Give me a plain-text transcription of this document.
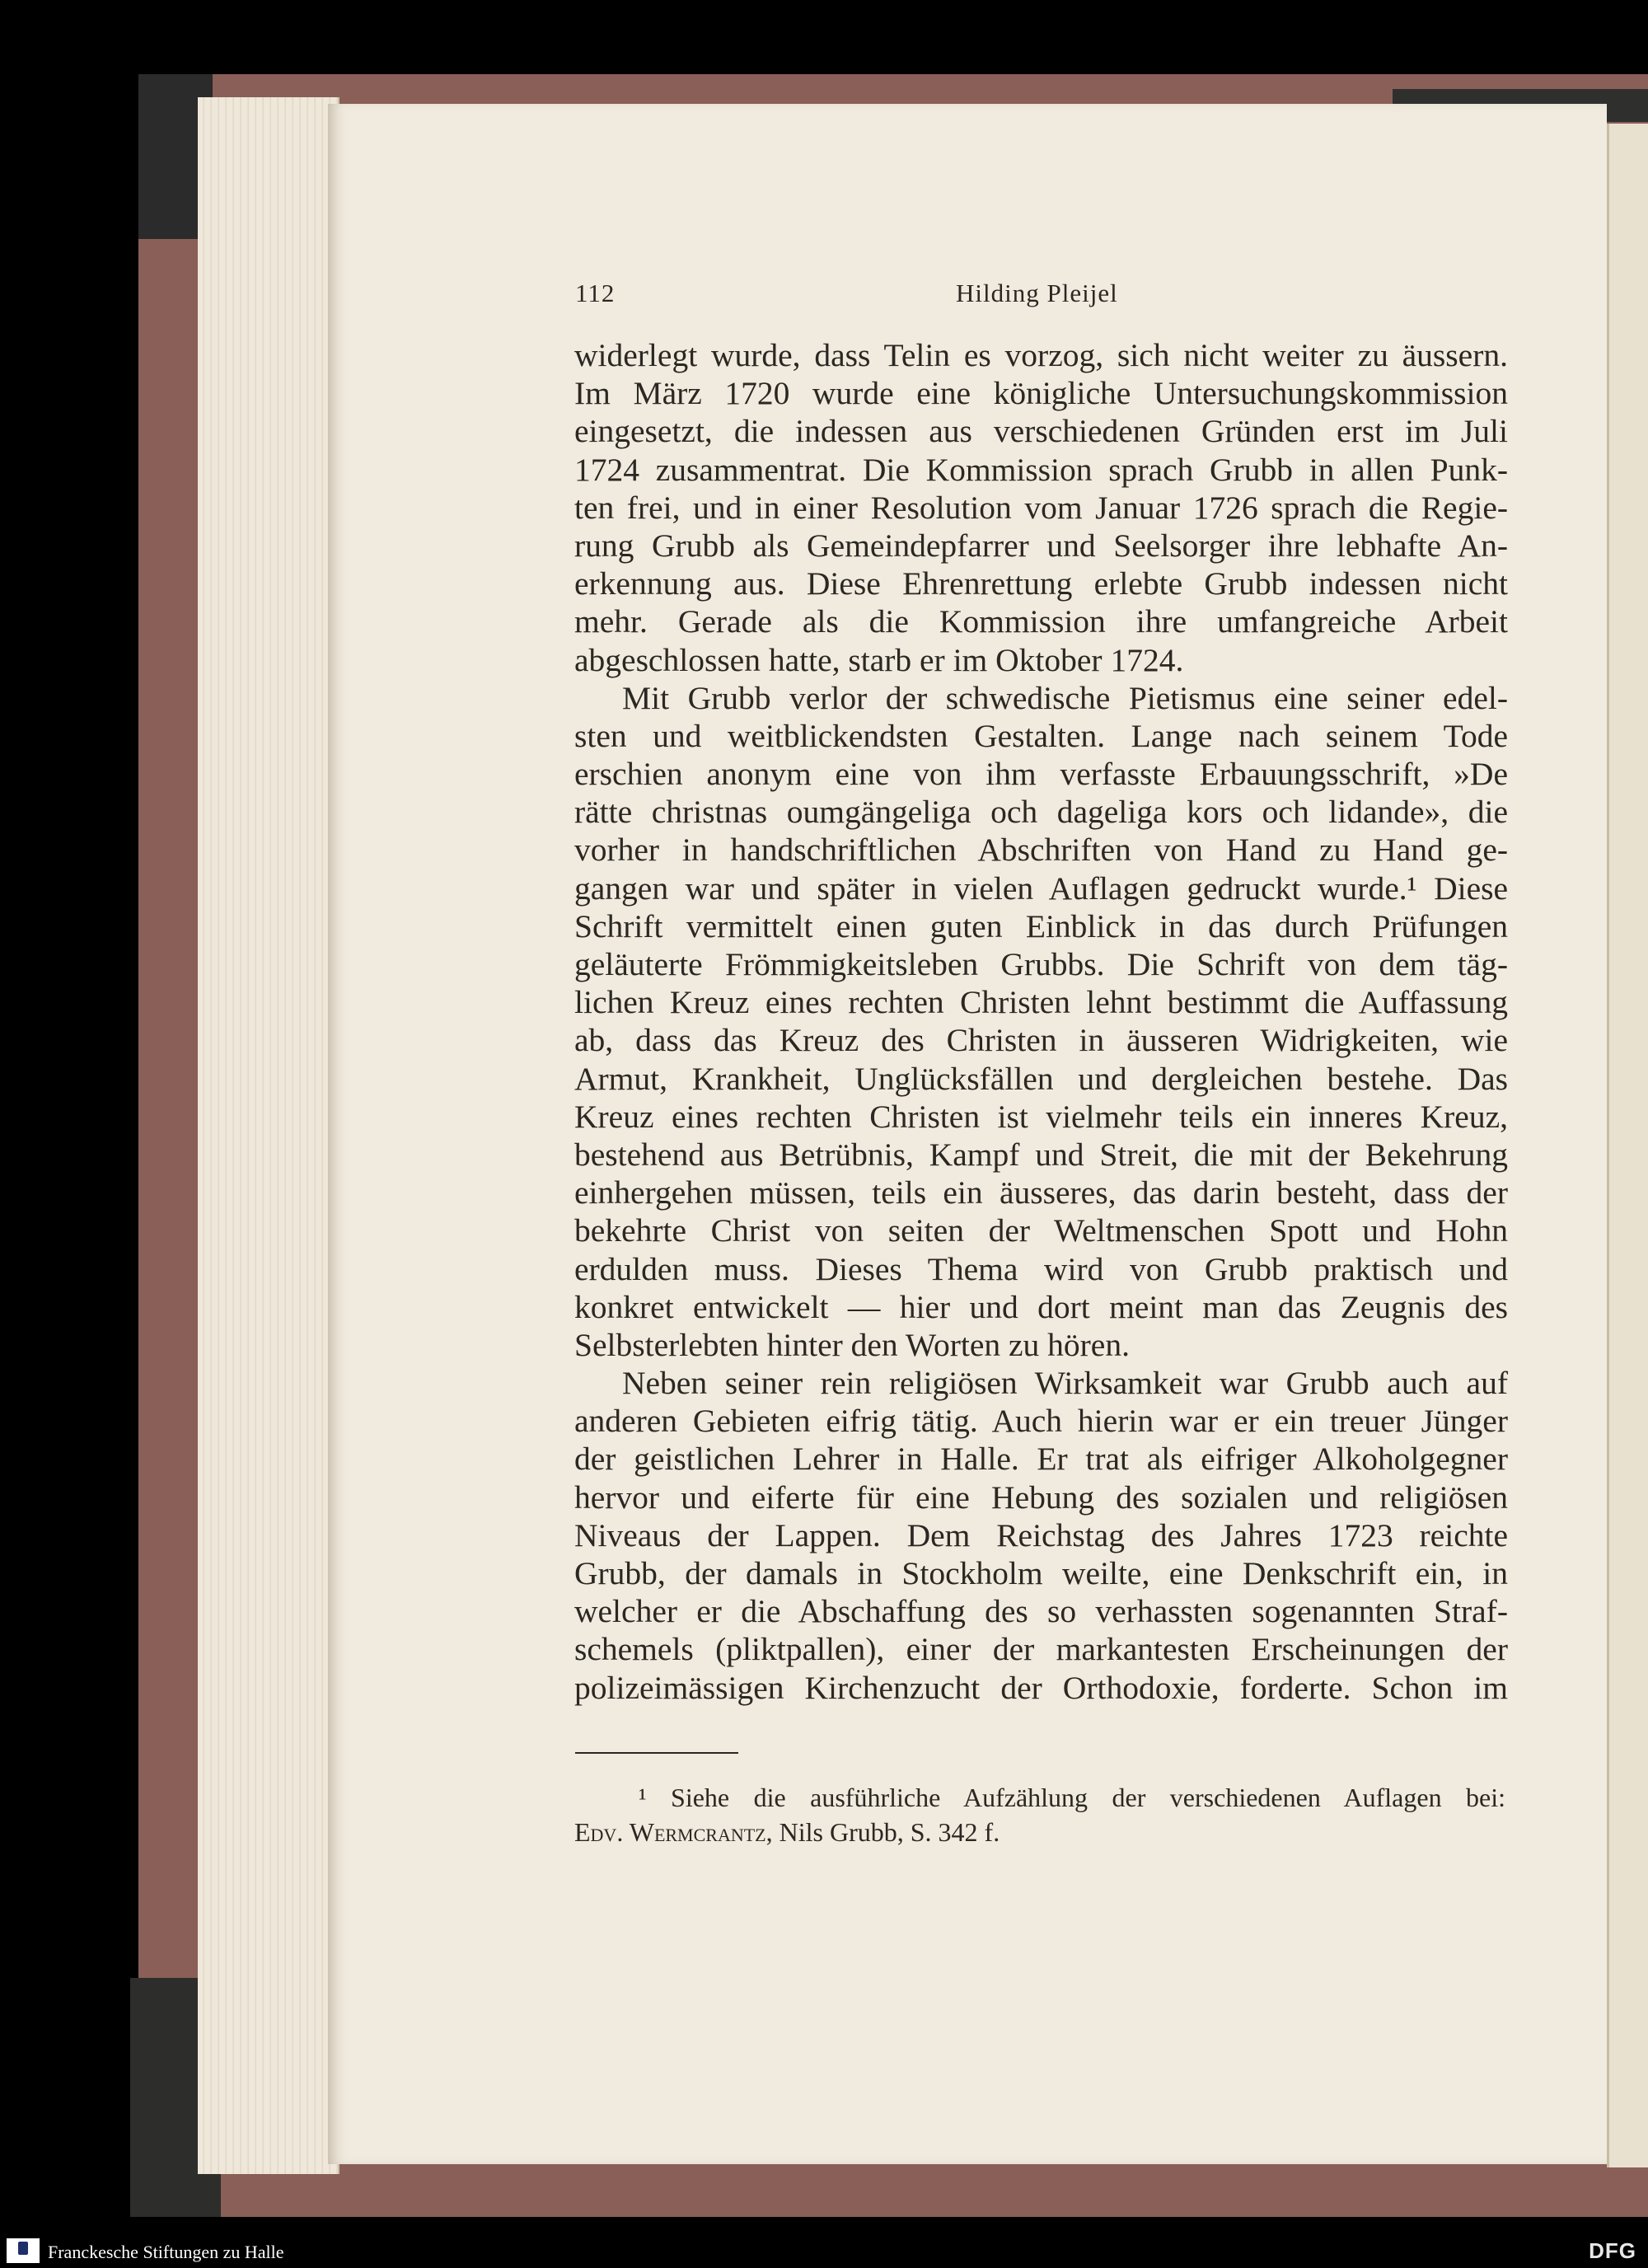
112	Hilding Pleijel
widerlegt wurde, dass Telin es vorzog, sich nicht weiter zu äussern.
Im März 1720 wurde eine königliche Untersuchungskommission
eingesetzt, die indessen aus verschiedenen Gründen erst im Juli
1724 zusammentrat. Die Kommission sprach Grubb in allen Punk-
ten frei, und in einer Resolution vom Januar 1726 sprach die Regie-
rung Grubb als Gemeindepfarrer und Seelsorger ihre lebhafte An-
erkennung aus. Diese Ehrenrettung erlebte Grubb indessen nicht
mehr. Gerade als die Kommission ihre umfangreiche Arbeit
abgeschlossen hatte, starb er im Oktober 1724.
Mit Grubb verlor der schwedische Pietismus eine seiner edel-
sten und weitblickendsten Gestalten. Lange nach seinem Tode
erschien anonym eine von ihm verfasste Erbauungsschrift, »De
rätte christnas oumgängeliga och dageliga kors och lidande», die
vorher in handschriftlichen Abschriften von Hand zu Hand ge-
gangen war und später in vielen Auflagen gedruckt wurde.¹ Diese
Schrift vermittelt einen guten Einblick in das durch Prüfungen
geläuterte Frömmigkeitsleben Grubbs. Die Schrift von dem täg-
lichen Kreuz eines rechten Christen lehnt bestimmt die Auffassung
ab, dass das Kreuz des Christen in äusseren Widrigkeiten, wie
Armut, Krankheit, Unglücksfällen und dergleichen bestehe. Das
Kreuz eines rechten Christen ist vielmehr teils ein inneres Kreuz,
bestehend aus Betrübnis, Kampf und Streit, die mit der Bekehrung
einhergehen müssen, teils ein äusseres, das darin besteht, dass der
bekehrte Christ von seiten der Weltmenschen Spott und Hohn
erdulden muss. Dieses Thema wird von Grubb praktisch und
konkret entwickelt — hier und dort meint man das Zeugnis des
Selbsterlebten hinter den Worten zu hören.
Neben seiner rein religiösen Wirksamkeit war Grubb auch auf
anderen Gebieten eifrig tätig. Auch hierin war er ein treuer Jünger
der geistlichen Lehrer in Halle. Er trat als eifriger Alkoholgegner
hervor und eiferte für eine Hebung des sozialen und religiösen
Niveaus der Lappen. Dem Reichstag des Jahres 1723 reichte
Grubb, der damals in Stockholm weilte, eine Denkschrift ein, in
welcher er die Abschaffung des so verhassten sogenannten Straf-
schemels (pliktpallen), einer der markantesten Erscheinungen der
polizeimässigen Kirchenzucht der Orthodoxie, forderte. Schon im
¹ Siehe die ausführliche Aufzählung der verschiedenen Auflagen bei:
Edv. Wermcrantz, Nils Grubb, S. 342 f.
Franckesche Stiftungen zu Halle	DFG
